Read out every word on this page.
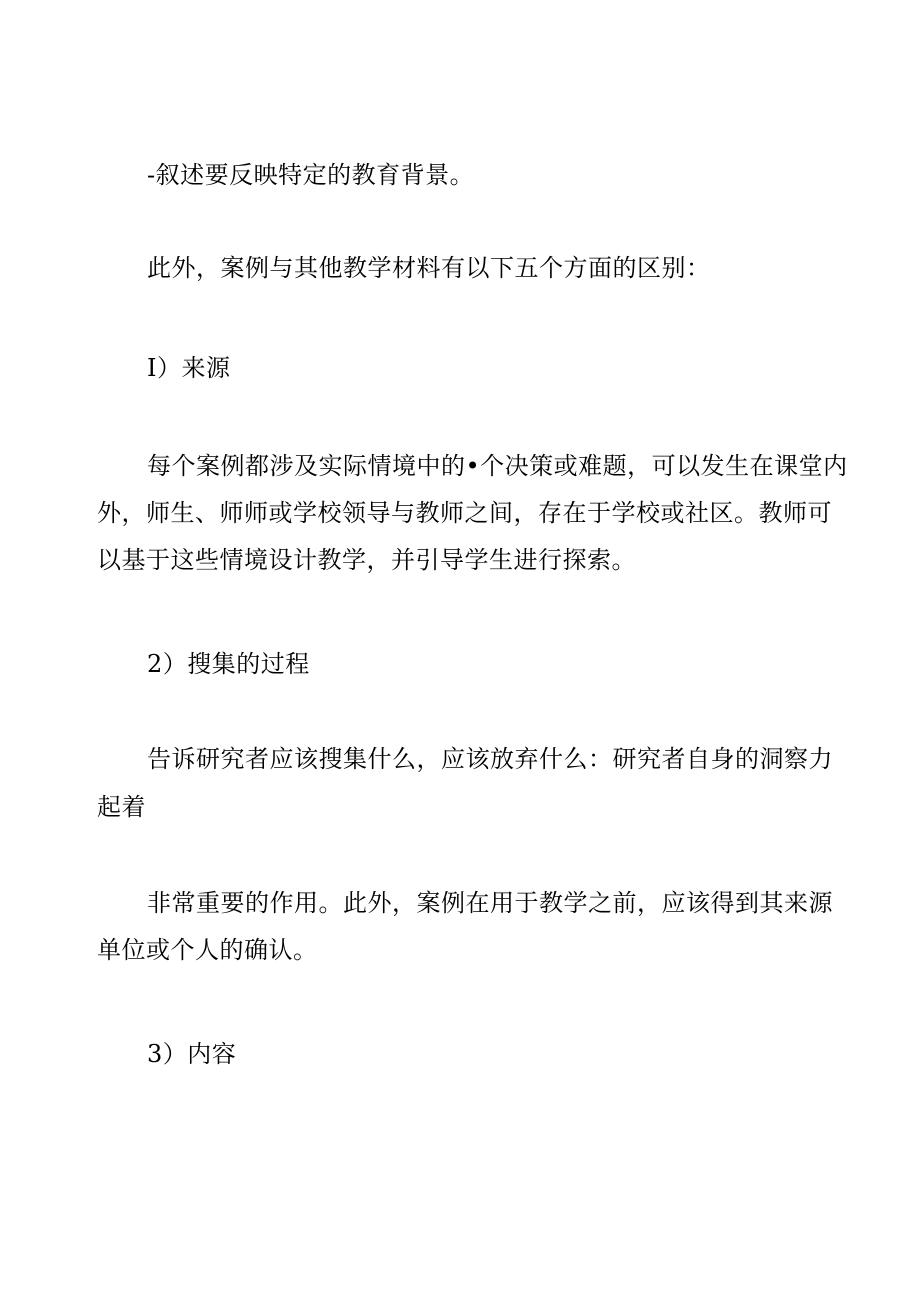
-叙述要反映特定的教育背景。
此外，案例与其他教学材料有以下五个方面的区别：
I）来源
每个案例都涉及实际情境中的•个决策或难题，可以发生在课堂内
外，师生、师师或学校领导与教师之间，存在于学校或社区。教师可
以基于这些情境设计教学，并引导学生进行探索。
2）搜集的过程
告诉研究者应该搜集什么，应该放弃什么：研究者自身的洞察力
起着
非常重要的作用。此外，案例在用于教学之前，应该得到其来源
单位或个人的确认。
3）内容
